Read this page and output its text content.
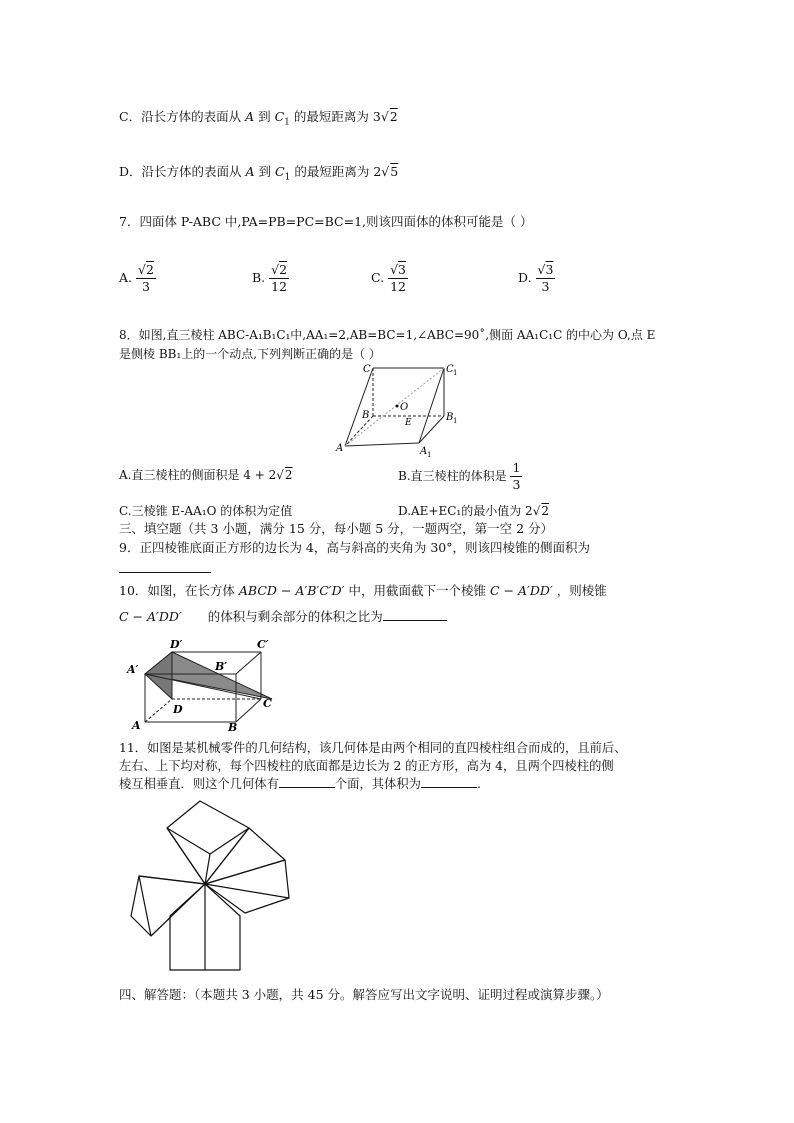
C．沿长方体的表面从 A 到 $C_1$ 的最短距离为 3√2
D．沿长方体的表面从 A 到 $C_1$ 的最短距离为 2√5
7．四面体 P-ABC 中,PA=PB=PC=BC=1,则该四面体的体积可能是（ ）
A. $\frac{√2}{3}$	B. $\frac{√2}{12}$	C. $\frac{√3}{12}$	D. $\frac{√3}{3}$
8．如图,直三棱柱 ABC-A₁B₁C₁中,AA₁=2,AB=BC=1,∠ABC=90˚,侧面 AA₁C₁C 的中心为 O,点 E
是侧棱 BB₁上的一个动点,下列判断正确的是（ ）
C	C 1
B
O
E	B 1
A	A 1
A.直三棱柱的侧面积是 4 + 2√2	B.直三棱柱的体积是 $\frac{1}{3}$
C.三棱锥 E-AA₁O 的体积为定值	D.AE+EC₁的最小值为 2√2
三、填空题（共 3 小题，满分 15 分，每小题 5 分，一题两空，第一空 2 分）
9．正四棱锥底面正方形的边长为 4，高与斜高的夹角为 30°，则该四棱锥的侧面积为
10．如图，在长方体 ABCD − A′B′C′D′ 中，用截面截下一个棱锥 C − A′DD′ ，则棱锥
C − A′DD′ 的体积与剩余部分的体积之比为
D′	C′
A′	B′
D	C
A	B
11．如图是某机械零件的几何结构，该几何体是由两个相同的直四棱柱组合而成的，且前后、
左右、上下均对称，每个四棱柱的底面都是边长为 2 的正方形，高为 4，且两个四棱柱的侧
棱互相垂直．则这个几何体有	个面，其体积为	.
四、解答题：（本题共 3 小题，共 45 分。解答应写出文字说明、证明过程或演算步骤。）
